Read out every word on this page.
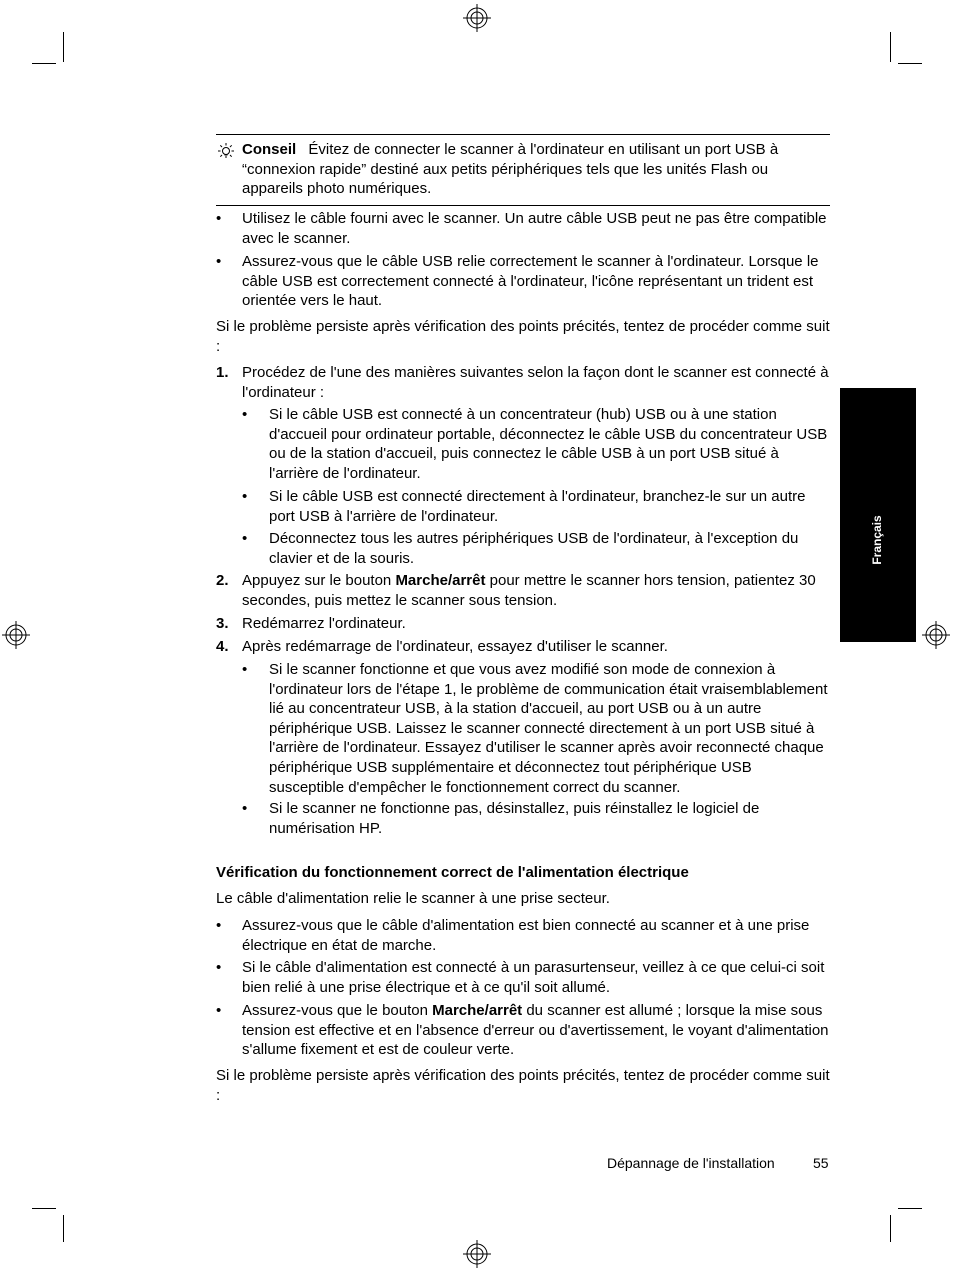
Conseil Évitez de connecter le scanner à l'ordinateur en utilisant un port USB à “connexion rapide” destiné aux petits périphériques tels que les unités Flash ou appareils photo numériques.
• Utilisez le câble fourni avec le scanner. Un autre câble USB peut ne pas être compatible avec le scanner.
• Assurez-vous que le câble USB relie correctement le scanner à l'ordinateur. Lorsque le câble USB est correctement connecté à l'ordinateur, l'icône représentant un trident est orientée vers le haut.
Si le problème persiste après vérification des points précités, tentez de procéder comme suit :
1. Procédez de l'une des manières suivantes selon la façon dont le scanner est connecté à l'ordinateur :
• Si le câble USB est connecté à un concentrateur (hub) USB ou à une station d'accueil pour ordinateur portable, déconnectez le câble USB du concentrateur USB ou de la station d'accueil, puis connectez le câble USB à un port USB situé à l'arrière de l'ordinateur.
• Si le câble USB est connecté directement à l'ordinateur, branchez-le sur un autre port USB à l'arrière de l'ordinateur.
• Déconnectez tous les autres périphériques USB de l'ordinateur, à l'exception du clavier et de la souris.
2. Appuyez sur le bouton Marche/arrêt pour mettre le scanner hors tension, patientez 30 secondes, puis mettez le scanner sous tension.
3. Redémarrez l'ordinateur.
4. Après redémarrage de l'ordinateur, essayez d'utiliser le scanner.
• Si le scanner fonctionne et que vous avez modifié son mode de connexion à l'ordinateur lors de l'étape 1, le problème de communication était vraisemblablement lié au concentrateur USB, à la station d'accueil, au port USB ou à un autre périphérique USB. Laissez le scanner connecté directement à un port USB situé à l'arrière de l'ordinateur. Essayez d'utiliser le scanner après avoir reconnecté chaque périphérique USB supplémentaire et déconnectez tout périphérique USB susceptible d'empêcher le fonctionnement correct du scanner.
• Si le scanner ne fonctionne pas, désinstallez, puis réinstallez le logiciel de numérisation HP.
Vérification du fonctionnement correct de l'alimentation électrique
Le câble d'alimentation relie le scanner à une prise secteur.
• Assurez-vous que le câble d'alimentation est bien connecté au scanner et à une prise électrique en état de marche.
• Si le câble d'alimentation est connecté à un parasurtenseur, veillez à ce que celui-ci soit bien relié à une prise électrique et à ce qu'il soit allumé.
• Assurez-vous que le bouton Marche/arrêt du scanner est allumé ; lorsque la mise sous tension est effective et en l'absence d'erreur ou d'avertissement, le voyant d'alimentation s'allume fixement et est de couleur verte.
Si le problème persiste après vérification des points précités, tentez de procéder comme suit :
Français
Dépannage de l'installation	55
